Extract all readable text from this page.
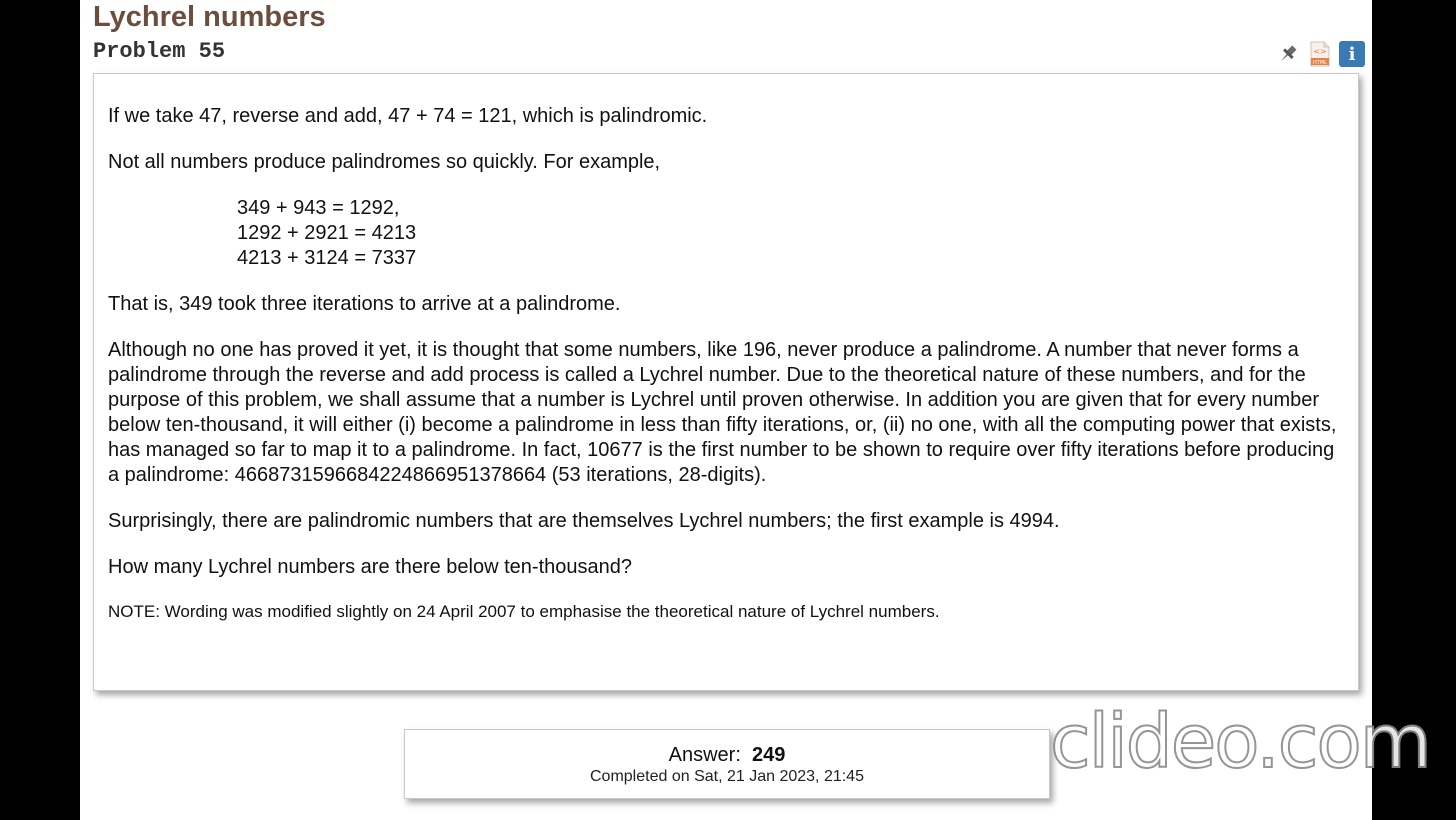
Lychrel numbers
Problem 55	<>
HTML	i

If we take 47, reverse and add, 47 + 74 = 121, which is palindromic.

Not all numbers produce palindromes so quickly. For example,

349 + 943 = 1292,
1292 + 2921 = 4213
4213 + 3124 = 7337

That is, 349 took three iterations to arrive at a palindrome.

Although no one has proved it yet, it is thought that some numbers, like 196, never produce a palindrome. A number that never forms a palindrome through the reverse and add process is called a Lychrel number. Due to the theoretical nature of these numbers, and for the purpose of this problem, we shall assume that a number is Lychrel until proven otherwise. In addition you are given that for every number below ten-thousand, it will either (i) become a palindrome in less than fifty iterations, or, (ii) no one, with all the computing power that exists, has managed so far to map it to a palindrome. In fact, 10677 is the first number to be shown to require over fifty iterations before producing a palindrome: 4668731596684224866951378664 (53 iterations, 28-digits).

Surprisingly, there are palindromic numbers that are themselves Lychrel numbers; the first example is 4994.

How many Lychrel numbers are there below ten-thousand?

NOTE: Wording was modified slightly on 24 April 2007 to emphasise the theoretical nature of Lychrel numbers.

Answer: 249
Completed on Sat, 21 Jan 2023, 21:45	clideo.com
